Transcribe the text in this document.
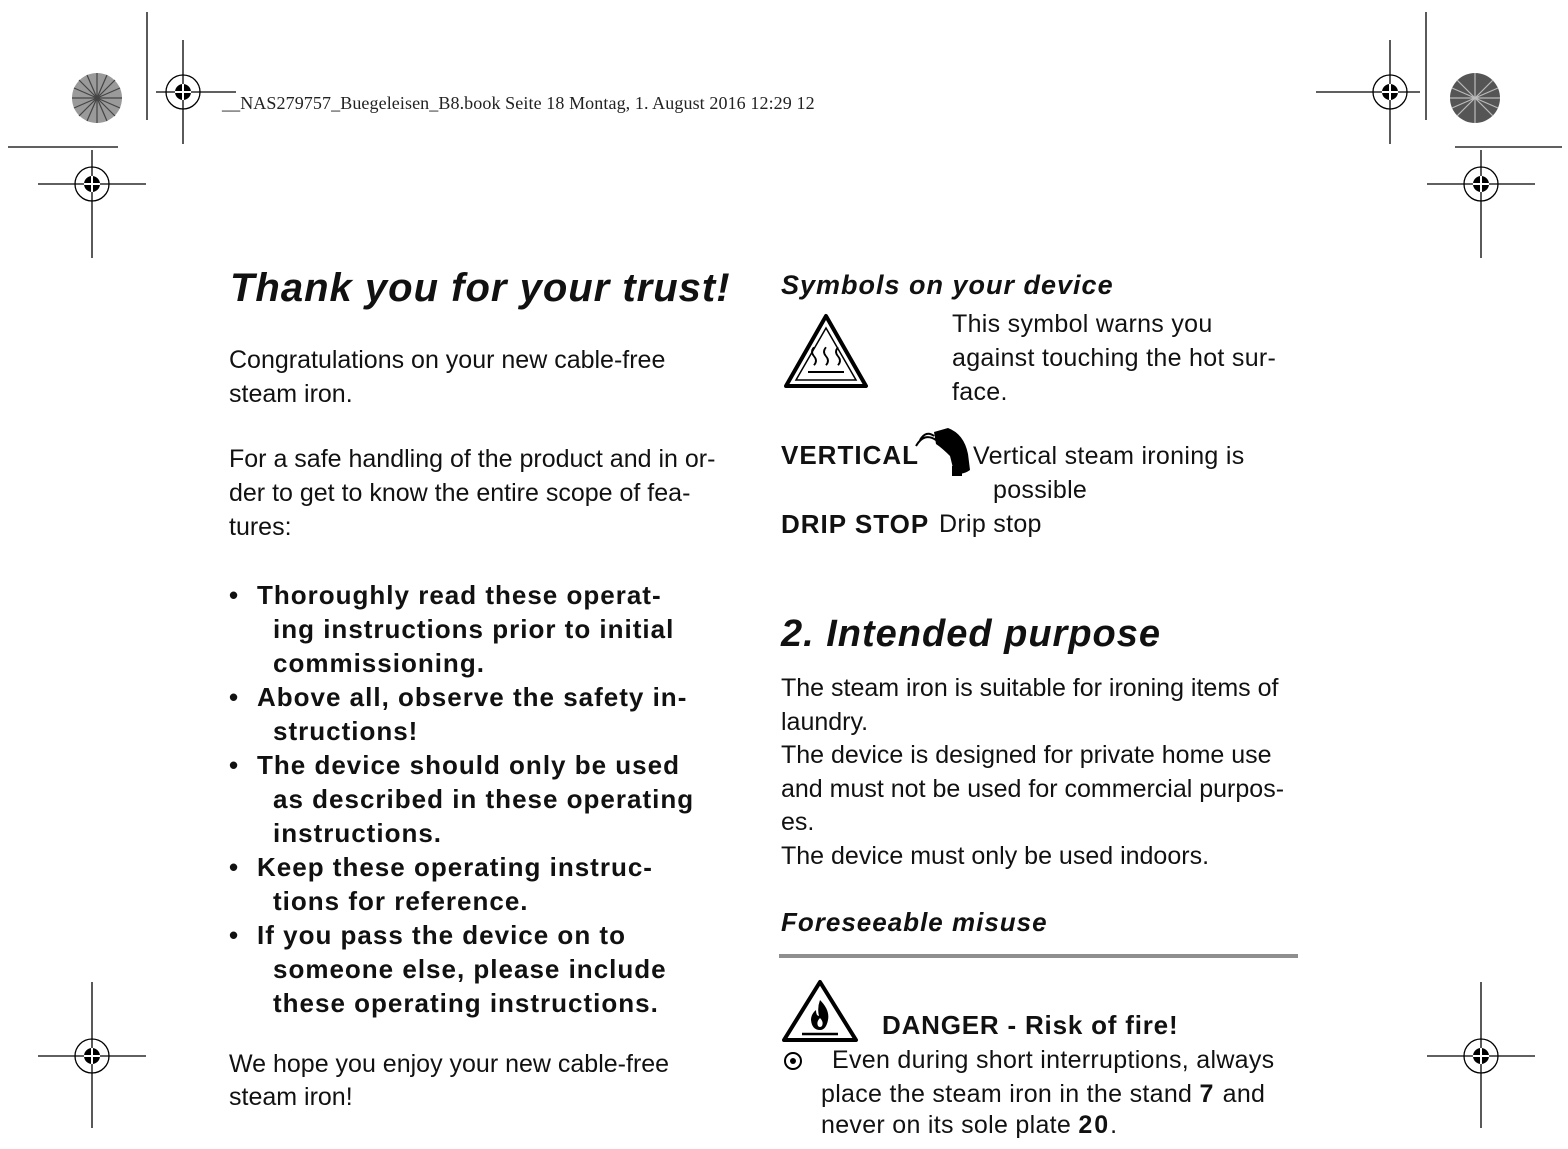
__NAS279757_Buegeleisen_B8.book Seite 18 Montag, 1. August 2016 12:29 12
Thank you for your trust!
Congratulations on your new cable-free
steam iron.
For a safe handling of the product and in or-
der to get to know the entire scope of fea-
tures:
• Thoroughly read these operat-
ing instructions prior to initial
commissioning.
• Above all, observe the safety in-
structions!
• The device should only be used
as described in these operating
instructions.
• Keep these operating instruc-
tions for reference.
• If you pass the device on to
someone else, please include
these operating instructions.
We hope you enjoy your new cable-free
steam iron!
Symbols on your device
This symbol warns you
against touching the hot sur-
face.
VERTICAL Vertical steam ironing is
possible
DRIP STOP Drip stop
2. Intended purpose
The steam iron is suitable for ironing items of
laundry.
The device is designed for private home use
and must not be used for commercial purpos-
es.
The device must only be used indoors.
Foreseeable misuse
DANGER - Risk of fire!
Even during short interruptions, always
place the steam iron in the stand 7 and
never on its sole plate 20.
